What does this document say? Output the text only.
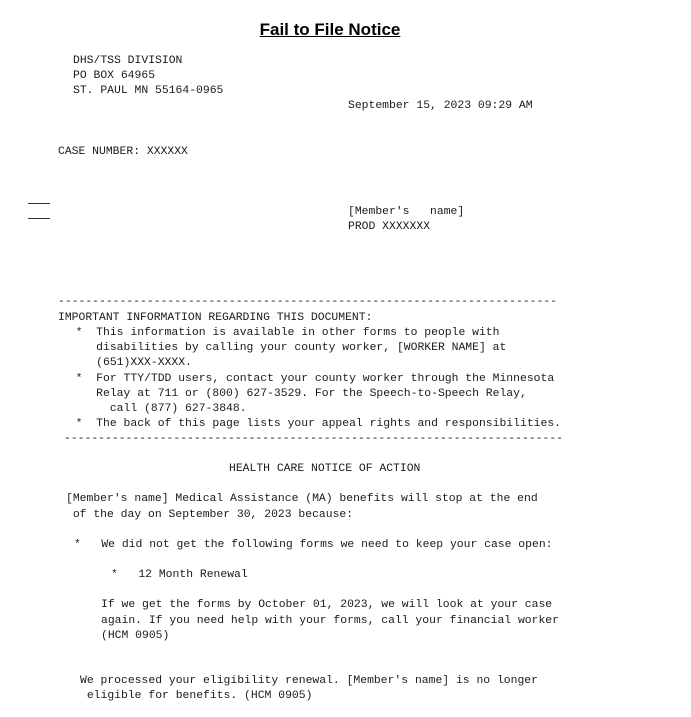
Fail to File Notice
DHS/TSS DIVISION
PO BOX 64965
ST. PAUL MN 55164-0965
September 15, 2023 09:29 AM
CASE NUMBER: XXXXXX
[Member's   name]
PROD XXXXXXX
-------------------------------------------------------------------------
IMPORTANT INFORMATION REGARDING THIS DOCUMENT:
*  This information is available in other forms to people with
disabilities by calling your county worker, [WORKER NAME] at
(651)XXX-XXXX.
*  For TTY/TDD users, contact your county worker through the Minnesota
Relay at 711 or (800) 627-3529. For the Speech-to-Speech Relay,
call (877) 627-3848.
*  The back of this page lists your appeal rights and responsibilities.
-------------------------------------------------------------------------
HEALTH CARE NOTICE OF ACTION
[Member's name] Medical Assistance (MA) benefits will stop at the end
of the day on September 30, 2023 because:
*   We did not get the following forms we need to keep your case open:
*   12 Month Renewal
If we get the forms by October 01, 2023, we will look at your case
again. If you need help with your forms, call your financial worker
(HCM 0905)
We processed your eligibility renewal. [Member's name] is no longer
eligible for benefits. (HCM 0905)
